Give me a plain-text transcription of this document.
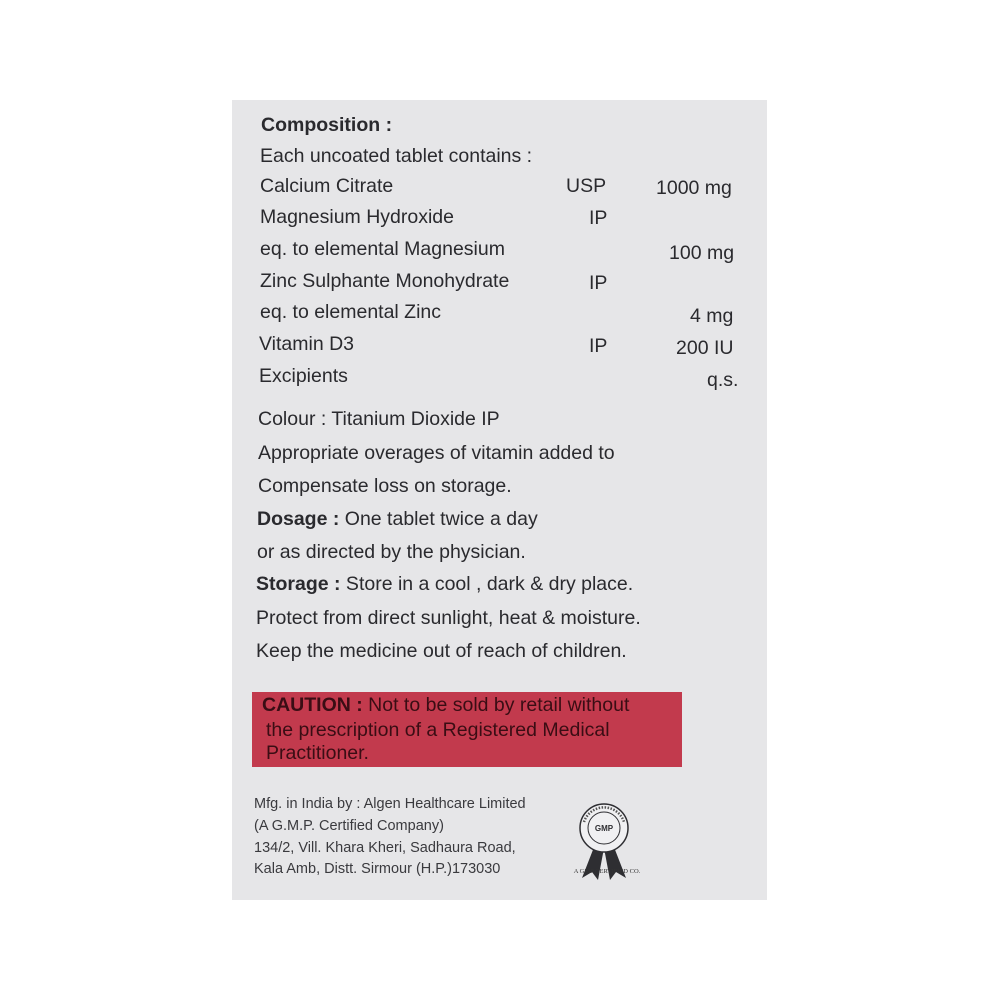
Composition :
Each uncoated tablet contains :
Calcium Citrate	USP	1000 mg
Magnesium Hydroxide	IP
eq. to elemental Magnesium	100 mg
Zinc Sulphante Monohydrate	IP
eq. to elemental Zinc	4 mg
Vitamin D3	IP	200 IU
Excipients	q.s.
Colour : Titanium Dioxide IP
Appropriate overages of vitamin added to
Compensate loss on storage.
Dosage : One tablet twice a day
or as directed by the physician.
Storage : Store in a cool , dark & dry place.
Protect from direct sunlight, heat & moisture.
Keep the medicine out of reach of children.
CAUTION : Not to be sold by retail without
the prescription of a Registered Medical
Practitioner.
Mfg. in India by : Algen Healthcare Limited
(A G.M.P. Certified Company)
134/2, Vill. Khara Kheri, Sadhaura Road,
Kala Amb, Distt. Sirmour (H.P.)173030
GMP
A GMP CERTIFIED CO.
